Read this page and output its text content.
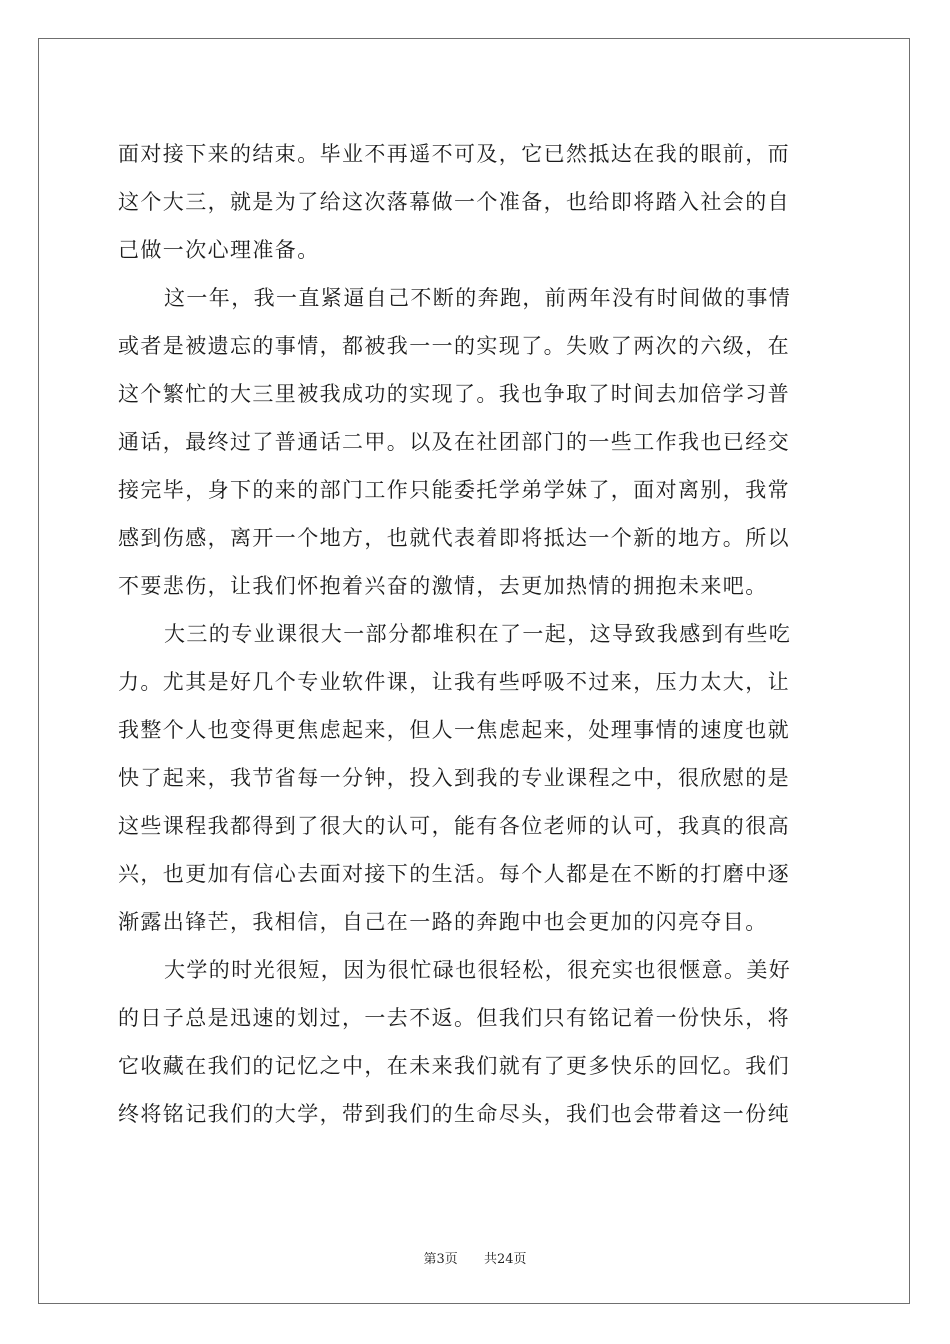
面对接下来的结束。毕业不再遥不可及，它已然抵达在我的眼前，而
这个大三，就是为了给这次落幕做一个准备，也给即将踏入社会的自
己做一次心理准备。
这一年，我一直紧逼自己不断的奔跑，前两年没有时间做的事情
或者是被遗忘的事情，都被我一一的实现了。失败了两次的六级，在
这个繁忙的大三里被我成功的实现了。我也争取了时间去加倍学习普
通话，最终过了普通话二甲。以及在社团部门的一些工作我也已经交
接完毕，身下的来的部门工作只能委托学弟学妹了，面对离别，我常
感到伤感，离开一个地方，也就代表着即将抵达一个新的地方。所以
不要悲伤，让我们怀抱着兴奋的激情，去更加热情的拥抱未来吧。
大三的专业课很大一部分都堆积在了一起，这导致我感到有些吃
力。尤其是好几个专业软件课，让我有些呼吸不过来，压力太大，让
我整个人也变得更焦虑起来，但人一焦虑起来，处理事情的速度也就
快了起来，我节省每一分钟，投入到我的专业课程之中，很欣慰的是
这些课程我都得到了很大的认可，能有各位老师的认可，我真的很高
兴，也更加有信心去面对接下的生活。每个人都是在不断的打磨中逐
渐露出锋芒，我相信，自己在一路的奔跑中也会更加的闪亮夺目。
大学的时光很短，因为很忙碌也很轻松，很充实也很惬意。美好
的日子总是迅速的划过，一去不返。但我们只有铭记着一份快乐，将
它收藏在我们的记忆之中，在未来我们就有了更多快乐的回忆。我们
终将铭记我们的大学，带到我们的生命尽头，我们也会带着这一份纯
第3页 共24页
